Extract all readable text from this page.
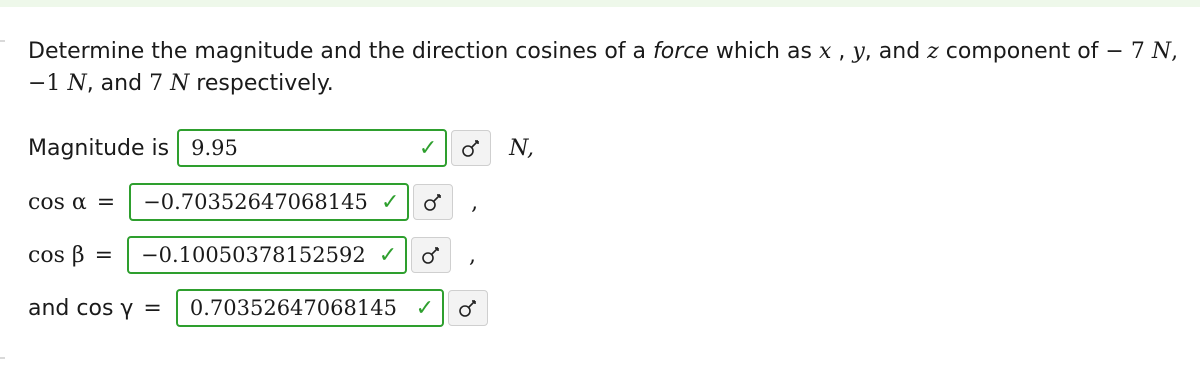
Determine the magnitude and the direction cosines of a force which as x , y, and z component of − 7 N,
−1 N, and 7 N respectively.
Magnitude is	9.95	✓	N,
cos α =	−0.70352647068145 ✓	,
cos β =	−0.10050378152592 ✓	,
and cos γ =	0.70352647068145 ✓
